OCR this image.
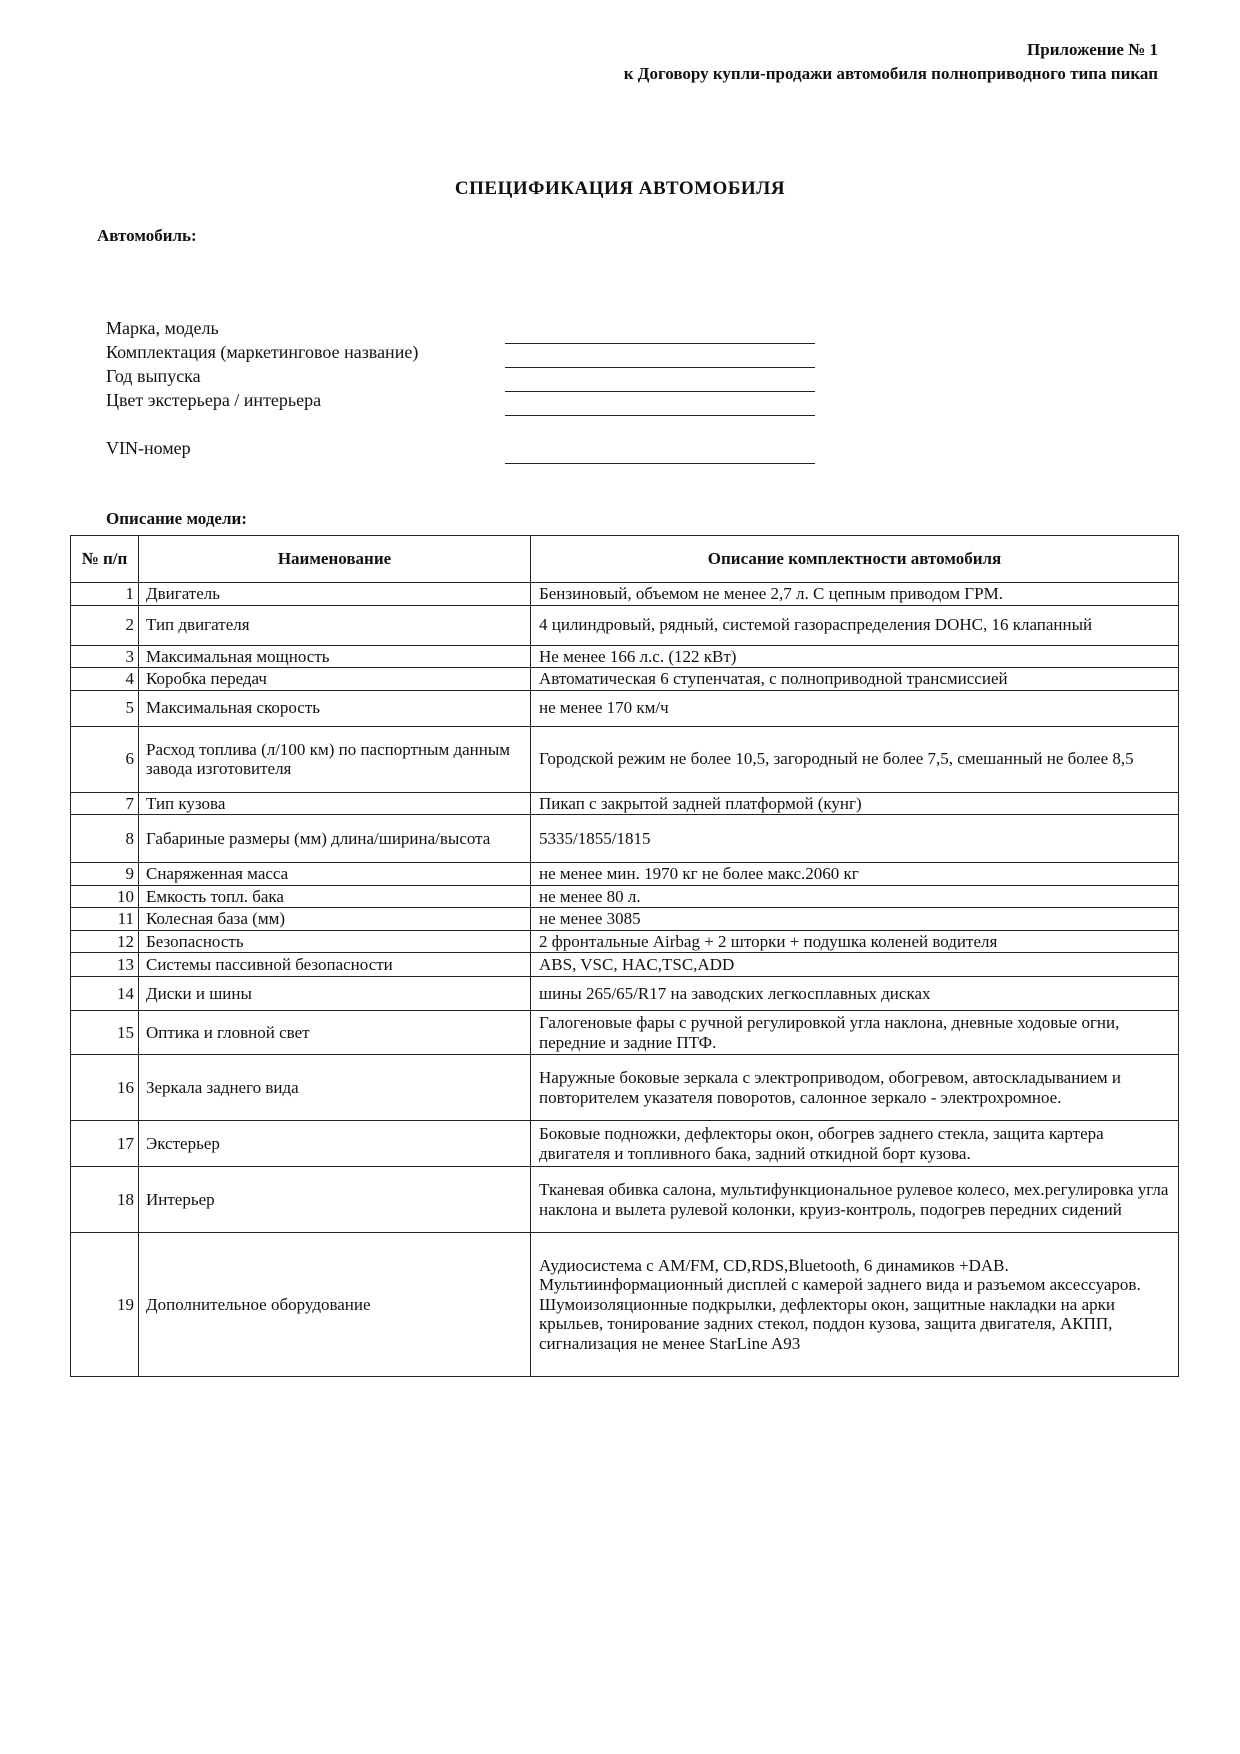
Приложение № 1
к Договору купли-продажи автомобиля полноприводного типа пикап
СПЕЦИФИКАЦИЯ АВТОМОБИЛЯ
Автомобиль:
Марка, модель
Комплектация (маркетинговое название)
Год выпуска
Цвет экстерьера / интерьера
VIN-номер
Описание модели:
№ п/п	Наименование	Описание комплектности автомобиля
1	Двигатель	Бензиновый, объемом не менее 2,7 л. С цепным приводом ГРМ.
2	Тип двигателя	4 цилиндровый, рядный, системой газораспределения DOHC, 16 клапанный
3	Максимальная мощность	Не менее 166 л.с. (122 кВт)
4	Коробка передач	Автоматическая 6 ступенчатая, с полноприводной трансмиссией
5	Максимальная скорость	не менее 170 км/ч
6	Расход топлива (л/100 км) по паспортным данным завода изготовителя	Городской режим не более 10,5, загородный не более 7,5, смешанный не более 8,5
7	Тип кузова	Пикап с закрытой задней платформой (кунг)
8	Габариные размеры (мм) длина/ширина/высота	5335/1855/1815
9	Снаряженная масса	не менее мин. 1970 кг не более макс.2060 кг
10	Емкость топл. бака	не менее 80 л.
11	Колесная база (мм)	не менее 3085
12	Безопасность	2 фронтальные Airbag + 2 шторки + подушка коленей водителя
13	Системы пассивной безопасности	ABS, VSC, HAC,TSC,ADD
14	Диски и шины	шины 265/65/R17 на заводских легкосплавных дисках
15	Оптика и гловной свет	Галогеновые фары с ручной регулировкой угла наклона, дневные ходовые огни, передние и задние ПТФ.
16	Зеркала заднего вида	Наружные боковые зеркала с электроприводом, обогревом, автоскладыванием и повторителем указателя поворотов, салонное зеркало - электрохромное.
17	Экстерьер	Боковые подножки, дефлекторы окон, обогрев заднего стекла, защита картера двигателя и топливного бака, задний откидной борт кузова.
18	Интерьер	Тканевая обивка салона, мультифункциональное рулевое колесо, мех.регулировка угла наклона и вылета рулевой колонки, круиз-контроль, подогрев передних сидений
19	Дополнительное оборудование	Аудиосистема с AM/FM, CD,RDS,Bluetooth, 6 динамиков +DAB. Мультиинформационный дисплей с камерой заднего вида и разъемом аксессуаров. Шумоизоляционные подкрылки, дефлекторы окон, защитные накладки на арки крыльев, тонирование задних стекол, поддон кузова, защита двигателя, АКПП, сигнализация не менее StarLine A93
